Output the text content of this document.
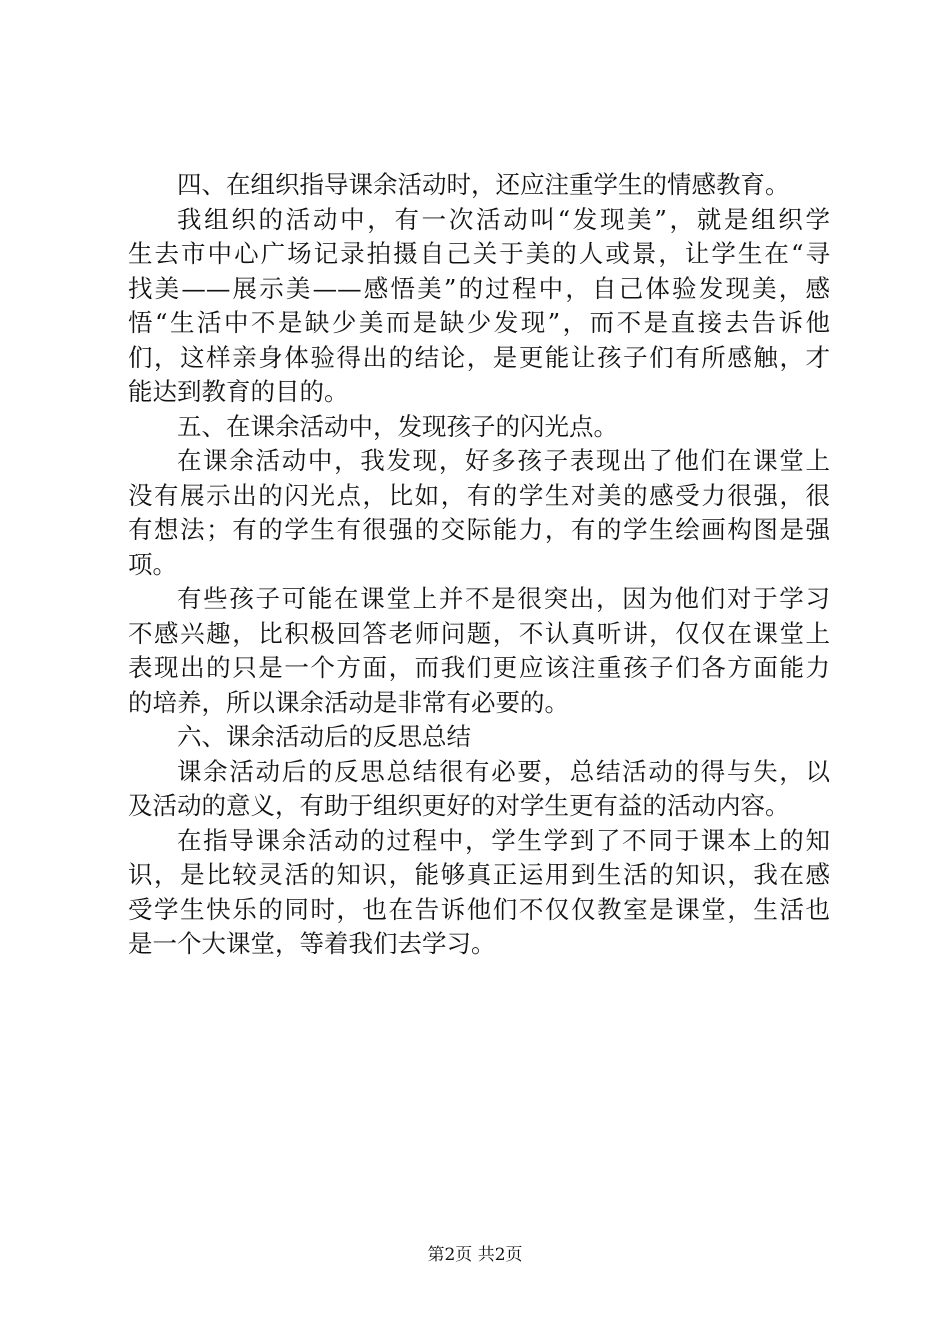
四、在组织指导课余活动时，还应注重学生的情感教育。
我组织的活动中，有一次活动叫“发现美”，就是组织学
生去市中心广场记录拍摄自己关于美的人或景，让学生在“寻
找美——展示美——感悟美”的过程中，自己体验发现美，感
悟“生活中不是缺少美而是缺少发现”，而不是直接去告诉他
们，这样亲身体验得出的结论，是更能让孩子们有所感触，才
能达到教育的目的。
五、在课余活动中，发现孩子的闪光点。
在课余活动中，我发现，好多孩子表现出了他们在课堂上
没有展示出的闪光点，比如，有的学生对美的感受力很强，很
有想法；有的学生有很强的交际能力，有的学生绘画构图是强
项。
有些孩子可能在课堂上并不是很突出，因为他们对于学习
不感兴趣，比积极回答老师问题，不认真听讲，仅仅在课堂上
表现出的只是一个方面，而我们更应该注重孩子们各方面能力
的培养，所以课余活动是非常有必要的。
六、课余活动后的反思总结
课余活动后的反思总结很有必要，总结活动的得与失，以
及活动的意义，有助于组织更好的对学生更有益的活动内容。
在指导课余活动的过程中，学生学到了不同于课本上的知
识，是比较灵活的知识，能够真正运用到生活的知识，我在感
受学生快乐的同时，也在告诉他们不仅仅教室是课堂，生活也
是一个大课堂，等着我们去学习。
第2页 共2页
